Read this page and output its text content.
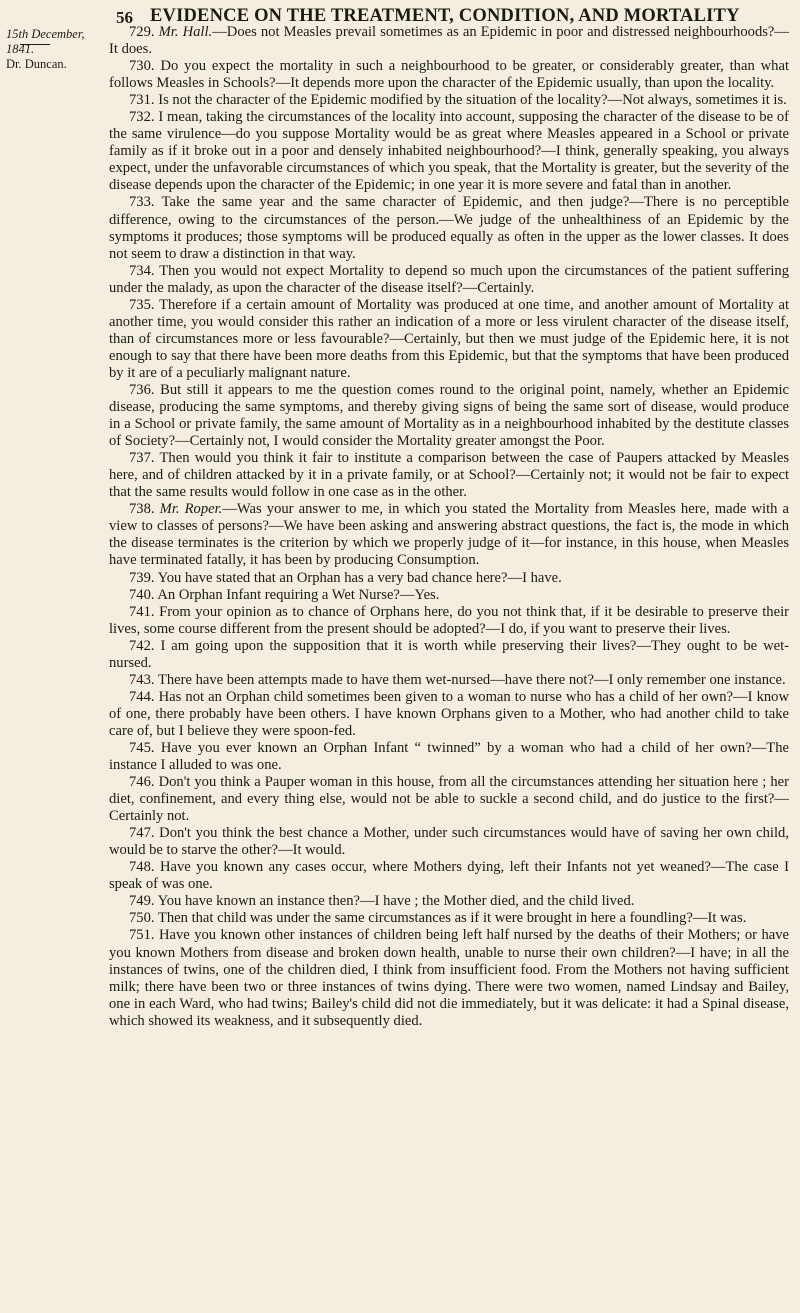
56 EVIDENCE ON THE TREATMENT, CONDITION, AND MORTALITY
15th December, 1841.
Dr. Duncan.

729. Mr. Hall.—Does not Measles prevail sometimes as an Epidemic in poor and distressed neighbourhoods?—It does.

730. Do you expect the mortality in such a neighbourhood to be greater, or considerably greater, than what follows Measles in Schools?—It depends more upon the character of the Epidemic usually, than upon the locality.

731. Is not the character of the Epidemic modified by the situation of the locality?—Not always, sometimes it is.

732. I mean, taking the circumstances of the locality into account, supposing the character of the disease to be of the same virulence—do you suppose Mortality would be as great where Measles appeared in a School or private family as if it broke out in a poor and densely inhabited neighbourhood?—I think, generally speaking, you always expect, under the unfavorable circumstances of which you speak, that the Mortality is greater, but the severity of the disease depends upon the character of the Epidemic; in one year it is more severe and fatal than in another.

733. Take the same year and the same character of Epidemic, and then judge?—There is no perceptible difference, owing to the circumstances of the person.—We judge of the unhealthiness of an Epidemic by the symptoms it produces; those symptoms will be produced equally as often in the upper as the lower classes. It does not seem to draw a distinction in that way.

734. Then you would not expect Mortality to depend so much upon the circumstances of the patient suffering under the malady, as upon the character of the disease itself?—Certainly.

735. Therefore if a certain amount of Mortality was produced at one time, and another amount of Mortality at another time, you would consider this rather an indication of a more or less virulent character of the disease itself, than of circumstances more or less favourable?—Certainly, but then we must judge of the Epidemic here, it is not enough to say that there have been more deaths from this Epidemic, but that the symptoms that have been produced by it are of a peculiarly malignant nature.

736. But still it appears to me the question comes round to the original point, namely, whether an Epidemic disease, producing the same symptoms, and thereby giving signs of being the same sort of disease, would produce in a School or private family, the same amount of Mortality as in a neighbourhood inhabited by the destitute classes of Society?—Certainly not, I would consider the Mortality greater amongst the Poor.

737. Then would you think it fair to institute a comparison between the case of Paupers attacked by Measles here, and of children attacked by it in a private family, or at School?—Certainly not; it would not be fair to expect that the same results would follow in one case as in the other.

738. Mr. Roper.—Was your answer to me, in which you stated the Mortality from Measles here, made with a view to classes of persons?—We have been asking and answering abstract questions, the fact is, the mode in which the disease terminates is the criterion by which we properly judge of it—for instance, in this house, when Measles have terminated fatally, it has been by producing Consumption.

739. You have stated that an Orphan has a very bad chance here?—I have.

740. An Orphan Infant requiring a Wet Nurse?—Yes.

741. From your opinion as to chance of Orphans here, do you not think that, if it be desirable to preserve their lives, some course different from the present should be adopted?—I do, if you want to preserve their lives.

742. I am going upon the supposition that it is worth while preserving their lives?—They ought to be wet-nursed.

743. There have been attempts made to have them wet-nursed—have there not?—I only remember one instance.

744. Has not an Orphan child sometimes been given to a woman to nurse who has a child of her own?—I know of one, there probably have been others. I have known Orphans given to a Mother, who had another child to take care of, but I believe they were spoon-fed.

745. Have you ever known an Orphan Infant “ twinned” by a woman who had a child of her own?—The instance I alluded to was one.

746. Don't you think a Pauper woman in this house, from all the circumstances attending her situation here ; her diet, confinement, and every thing else, would not be able to suckle a second child, and do justice to the first?—Certainly not.

747. Don't you think the best chance a Mother, under such circumstances would have of saving her own child, would be to starve the other?—It would.

748. Have you known any cases occur, where Mothers dying, left their Infants not yet weaned?—The case I speak of was one.

749. You have known an instance then?—I have ; the Mother died, and the child lived.

750. Then that child was under the same circumstances as if it were brought in here a foundling?—It was.

751. Have you known other instances of children being left half nursed by the deaths of their Mothers; or have you known Mothers from disease and broken down health, unable to nurse their own children?—I have; in all the instances of twins, one of the children died, I think from insufficient food. From the Mothers not having sufficient milk; there have been two or three instances of twins dying. There were two women, named Lindsay and Bailey, one in each Ward, who had twins; Bailey's child did not die immediately, but it was delicate: it had a Spinal disease, which showed its weakness, and it subsequently died.
